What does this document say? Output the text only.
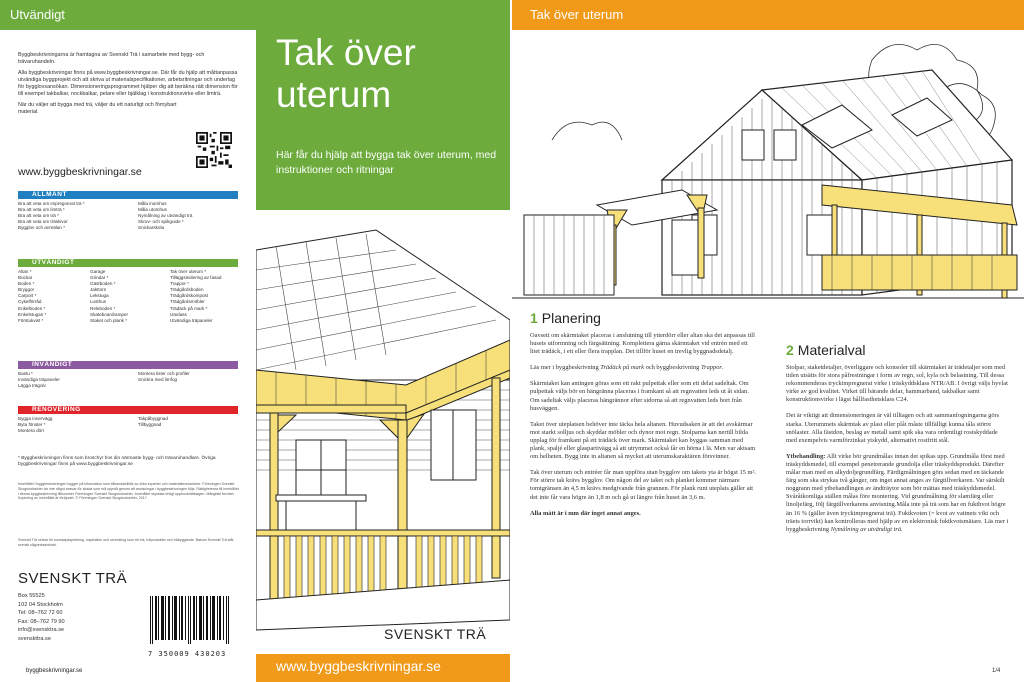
Utvändigt

Byggbeskrivningarna är framtagna av Svenskt Trä i samarbete med bygg- och trävaruhandeln.

Alla byggbeskrivningar finns på www.byggbeskrivningar.se. Där får du hjälp att måttanpassa utvändiga byggprojekt och att skriva ut materialspecifikationer, arbetsritningar och underlag för bygglovsansökan. Dimensioneringsprogrammet hjälper dig att beräkna rätt dimension för till exempel takbalkar, nockbalkar, pelare eller bjälklag i konstruktionsvirke eller limträ.

När du väljer att bygga med trä, väljer du ett naturligt och förnybart material.

www.byggbeskrivningar.se
ALLMÄNT
Bra att veta om impregnerat trä *
Bra att veta om limträ *
Bra att veta om trä *
Bra att veta om träskivor
Bygglov och anmälan *
Måla inomhus
Måla utomhus
Nymålning av utvändigt trä
Skruv- och spikguide *
Snickarskola
UTVÄNDIGT
Altan *
Bockar
Boden *
Bryggor
Carport *
Cykelförråd
Enkelboden *
Enkelstugan *
Förstukvist *
Garage
Grindar *
Gästboden *
Jakttorn
Lekstuga
Lusthus
Releboden *
Skateboardramper
Staket och plank *
Tak över uterum *
Tilläggsisolering av fasad
Trappor *
Trädgårdsboden
Trädgårdskompost
Trädgårdsmöbler
Trädäck på mark *
Utedass
Utvändiga träpaneler
INVÄNDIGT
Bastu *
Invändiga träpaneler
Lägga trägolv
Montera lister och profiler
Snickra med limfog
RENOVERING
Bygga innervägg
Byta fönster *
Montera dörr
Takpåbyggnad
Tillbyggnad
* Byggbeskrivningen finns som broschyr hos din närmaste bygg- och trävaruhandlare. Övriga byggbeskrivningar finns på www.byggbeskrivningar.se
Innehållet i byggbeskrivningen bygger på information som tillhandahållits av olika experter och materialleverantörer. Föreningen Svenskt Skogsindustrier tar inte något ansvar för skada som må uppstå genom att anvisningar i byggbeskrivningen följs. Rättigheterna till innehållet i denna byggbeskrivning tillkommer Föreningen Svenskt Skogsindustrier. Innehållet skyddas enligt upphovsrättslagen. Mångfald beviset. Kopiering av innehållet är förbjudet. © Föreningen Svenskt Skogsindustrier, 2017.
Svenskt Trä verkar för kunskapsspridning, inspiration och utveckling som rör trä, träprodukter och träbyggande. Bakom Svenskt Trä står svensk sågverksindustri.
SVENSKT TRÄ
Box 55525
102 04 Stockholm
Tel: 08–762 72 60
Fax: 08–762 79 90
info@svensktra.se
svenskttra.se
7 350009 430203
byggbeskrivningar.se
Tak över
uterum
Här får du hjälp att bygga tak över uterum, med instruktioner och ritningar
SVENSKT TRÄ
www.byggbeskrivningar.se
Tak över uterum
1 Planering

Oavsett om skärmtaket placeras i anslutning till ytterdörr eller altan ska det anpassas till husets utformning och färgsättning. Komplettera gärna skärmtaket vid entrén med ett litet trädäck, i ett eller flera trapplan. Det tillför huset en trevlig byggnadsdetalj.

Läs mer i byggbeskrivning Trädäck på mark och byggbeskrivning Trappor.

Skärmtaket kan antingen göras som ett rakt pulpettak eller som ett delat sadeltak. Om pulpettak väljs bör en hängränna placeras i framkant så att regnvatten leds ut åt sidan. Om sadeltak väljs placeras hängrännor efter sidorna så att regnvatten leds bort från husväggen.

Taket över uteplatsen behöver inte täcka hela altanen. Huvudsaken är att det avskärmar mot starkt solljus och skyddar möbler och dynor mot regn. Stolparna kan nertill bilda upplag för framkant på ett trädäck över mark. Skärmtaket kan byggas samman med plank, spaljé eller glaspartivägg så att utrymmet också får en hörna i lä. Men var aktsam om helheten. Bygg inte in altanen så mycket att uterumskaraktären försvinner.

Tak över uterum och entréer får man uppföra utan bygglov om takets yta är högst 15 m². För större tak krävs bygglov. Om någon del av taket och planket kommer närmare tomtgränsen än 4,5 m krävs medgivande från grannen. För plank runt uteplats gäller att det inte får vara högre än 1,8 m och gå ut längre från huset än 3,6 m.

Alla mått är i mm där inget annat anges.

2 Materialval

Stolpar, staketdetaljer, överliggare och konsoler till skärmtaket är trädetaljer som med tiden utsätts för stora påfrestningar i form av regn, sol, kyla och belastning. Till dessa rekommenderas tryckimpregnerat virke i träskyddsklass NTR/AB. I övrigt väljs hyvlat virke av god kvalitet. Virket till bärande delar, hammarband, takbalkar samt konstruktionsvirke i lägst hållfasthetsklass C24.

Det är viktigt att dimensioneringen är väl tilltagen och att sammanfogningarna görs starka. Uterummets skärmtak av plast eller plåt måste tillfälligt kunna tåla större snölaster. Alla fästdon, beslag av metall samt spik ska vara ordentligt rostskyddade med exempelvis varmförzinkat ytskydd, alternativt rostfritt stål.

Ytbehandling: Allt virke bör grundmålas innan det spikas upp. Grundmåla först med träskyddsmedel, till exempel penetrerande grundolja eller träskyddsprodukt. Därefter målar man med en alkydoljegrundfärg. Färdigmålningen görs sedan med en täckande färg som ska strykas två gånger, om inget annat anges av färgtillverkaren. Var särskilt noggrann med ytbehandlingen av ändträytor som bör mättas med träskyddsmedel. Svåråtkomliga ställen målas före montering. Vid grundmålning för slamfärg eller linoljefärg, följ färgtillverkarens anvisning.Måla inte på trä som har en fukthvot högre än 16 % (gäller även tryckimpregnerat trä). Fuktkvoten (= kvot av vattnets vikt och träets torrvikt) kan kontrolleras med hjälp av en elektronisk fuktkvotsmätare. Läs mer i byggbeskrivning Nymålning av utvändigt trä.

1/4
